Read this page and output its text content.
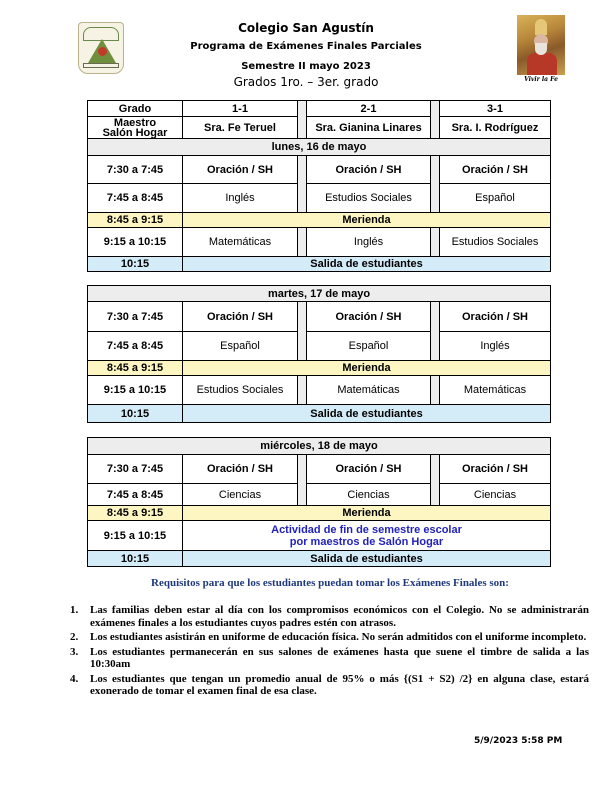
Colegio San Agustín
Programa de Exámenes Finales Parciales
Semestre II mayo 2023
Grados 1ro. – 3er. grado	Vivir la Fe
Grado	1-1		2-1		3-1
Maestro
Salón Hogar	Sra. Fe Teruel		Sra. Gianina Linares		Sra. I. Rodríguez
lunes, 16 de mayo					
7:30 a 7:45	Oración / SH		Oración / SH		Oración / SH
7:45 a 8:45	Inglés		Estudios Sociales		Español
8:45 a 9:15	Merienda				
9:15 a 10:15	Matemáticas		Inglés		Estudios Sociales
10:15	Salida de estudiantes				
martes, 17 de mayo					
7:30 a 7:45	Oración / SH		Oración / SH		Oración / SH
7:45 a 8:45	Español		Español		Inglés
8:45 a 9:15	Merienda				
9:15 a 10:15	Estudios Sociales		Matemáticas		Matemáticas
10:15	Salida de estudiantes				
miércoles, 18 de mayo					
7:30 a 7:45	Oración / SH		Oración / SH		Oración / SH
7:45 a 8:45	Ciencias		Ciencias		Ciencias
8:45 a 9:15	Merienda				
9:15 a 10:15	Actividad de fin de semestre escolar
por maestros de Salón Hogar				
10:15	Salida de estudiantes				
Requisitos para que los estudiantes puedan tomar los Exámenes Finales son:
1. Las familias deben estar al día con los compromisos económicos con el Colegio. No se administrarán exámenes finales a los estudiantes cuyos padres estén con atrasos.
2. Los estudiantes asistirán en uniforme de educación física. No serán admitidos con el uniforme incompleto.
3. Los estudiantes permanecerán en sus salones de exámenes hasta que suene el timbre de salida a las 10:30am
4. Los estudiantes que tengan un promedio anual de 95% o más {(S1 + S2) /2} en alguna clase, estará exonerado de tomar el examen final de esa clase.
5/9/2023 5:58 PM
